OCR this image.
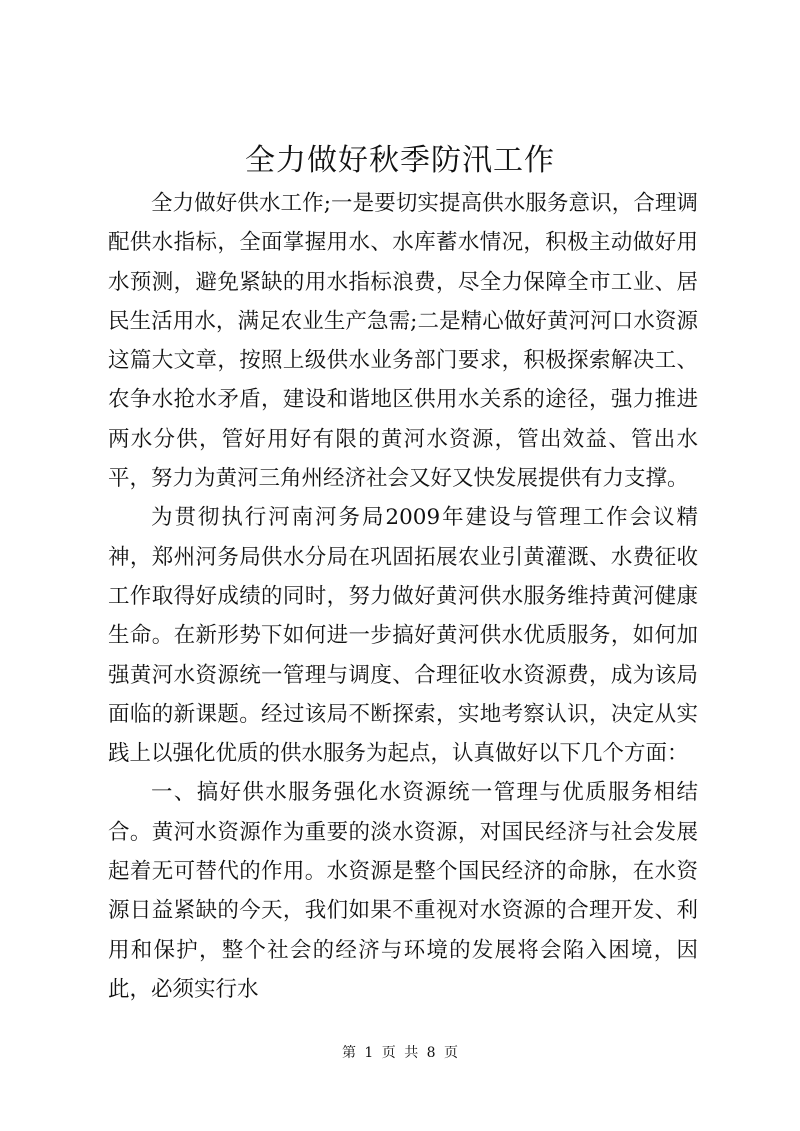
全力做好秋季防汛工作

全力做好供水工作;一是要切实提高供水服务意识，合理调配供水指标，全面掌握用水、水库蓄水情况，积极主动做好用水预测，避免紧缺的用水指标浪费，尽全力保障全市工业、居民生活用水，满足农业生产急需;二是精心做好黄河河口水资源这篇大文章，按照上级供水业务部门要求，积极探索解决工、农争水抢水矛盾，建设和谐地区供用水关系的途径，强力推进两水分供，管好用好有限的黄河水资源，管出效益、管出水平，努力为黄河三角州经济社会又好又快发展提供有力支撑。

为贯彻执行河南河务局2009年建设与管理工作会议精神，郑州河务局供水分局在巩固拓展农业引黄灌溉、水费征收工作取得好成绩的同时，努力做好黄河供水服务维持黄河健康生命。在新形势下如何进一步搞好黄河供水优质服务，如何加强黄河水资源统一管理与调度、合理征收水资源费，成为该局面临的新课题。经过该局不断探索，实地考察认识，决定从实践上以强化优质的供水服务为起点，认真做好以下几个方面：

一、搞好供水服务强化水资源统一管理与优质服务相结合。黄河水资源作为重要的淡水资源，对国民经济与社会发展起着无可替代的作用。水资源是整个国民经济的命脉，在水资源日益紧缺的今天，我们如果不重视对水资源的合理开发、利用和保护，整个社会的经济与环境的发展将会陷入困境，因此，必须实行水

第 1 页 共 8 页
